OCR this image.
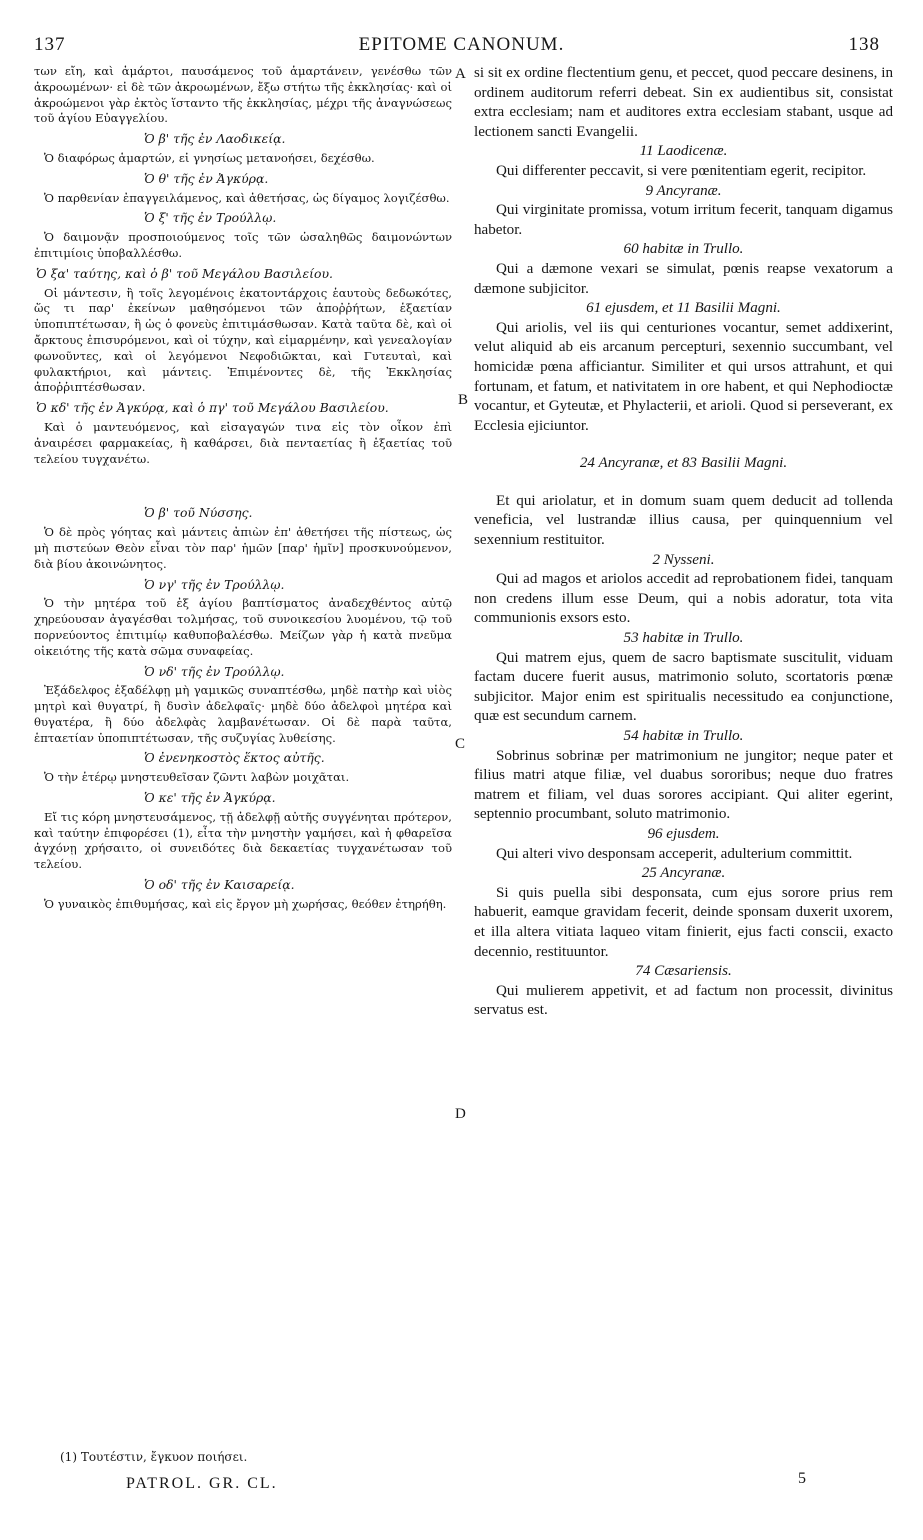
137	EPITOME CANONUM.	138
A
B
C
D

των εἴη, καὶ ἁμάρτοι, παυσάμενος τοῦ ἁμαρτάνειν, γενέσθω τῶν ἀκροωμένων· εἰ δὲ τῶν ἀκροωμένων, ἔξω στήτω τῆς ἐκκλησίας· καὶ οἱ ἀκροώμενοι γὰρ ἐκτὸς ἵσταντο τῆς ἐκκλησίας, μέχρι τῆς ἀναγνώσεως τοῦ ἁγίου Εὐαγγελίου.

Ὁ β' τῆς ἐν Λαοδικείᾳ.

Ὁ διαφόρως ἁμαρτών, εἰ γνησίως μετανοήσει, δεχέσθω.

Ὁ θ' τῆς ἐν Ἀγκύρᾳ.

Ὁ παρθενίαν ἐπαγγειλάμενος, καὶ ἀθετήσας, ὡς δίγαμος λογιζέσθω.

Ὁ ξ' τῆς ἐν Τρούλλῳ.

Ὁ δαιμονᾷν προσποιούμενος τοῖς τῶν ὡσαληθῶς δαιμονώντων ἐπιτιμίοις ὑποβαλλέσθω.

Ὁ ξα' ταύτης, καὶ ὁ β' τοῦ Μεγάλου Βασιλείου.

Οἱ μάντεσιν, ἢ τοῖς λεγομένοις ἑκατοντάρχοις ἑαυτοὺς δεδωκότες, ὥς τι παρ' ἐκείνων μαθησόμενοι τῶν ἀποῤῥήτων, ἑξαετίαν ὑποπιπτέτωσαν, ἢ ὡς ὁ φονεὺς ἐπιτιμάσθωσαν. Κατὰ ταῦτα δὲ, καὶ οἱ ἄρκτους ἐπισυρόμενοι, καὶ οἱ τύχην, καὶ εἱμαρμένην, καὶ γενεαλογίαν φωνοῦντες, καὶ οἱ λεγόμενοι Νεφοδιῶκται, καὶ Γυτευταὶ, καὶ φυλακτήριοι, καὶ μάντεις. Ἐπιμένοντες δὲ, τῆς Ἐκκλησίας ἀποῤῥιπτέσθωσαν.

Ὁ κδ' τῆς ἐν Ἀγκύρᾳ, καὶ ὁ πγ' τοῦ Μεγάλου Βασιλείου.

Καὶ ὁ μαντευόμενος, καὶ εἰσαγαγών τινα εἰς τὸν οἶκον ἐπὶ ἀναιρέσει φαρμακείας, ἢ καθάρσει, διὰ πενταετίας ἢ ἑξαετίας τοῦ τελείου τυγχανέτω.

Ὁ β' τοῦ Νύσσης.

Ὁ δὲ πρὸς γόητας καὶ μάντεις ἀπιὼν ἐπ' ἀθετήσει τῆς πίστεως, ὡς μὴ πιστεύων Θεὸν εἶναι τὸν παρ' ἡμῶν [παρ' ἡμῖν] προσκυνούμενον, διὰ βίου ἀκοινώνητος.

Ὁ νγ' τῆς ἐν Τρούλλῳ.

Ὁ τὴν μητέρα τοῦ ἐξ ἁγίου βαπτίσματος ἀναδεχθέντος αὐτῷ χηρεύουσαν ἀγαγέσθαι τολμήσας, τοῦ συνοικεσίου λυομένου, τῷ τοῦ πορνεύοντος ἐπιτιμίῳ καθυποβαλέσθω. Μείζων γὰρ ἡ κατὰ πνεῦμα οἰκειότης τῆς κατὰ σῶμα συναφείας.

Ὁ νδ' τῆς ἐν Τρούλλῳ.

Ἐξάδελφος ἐξαδέλφῃ μὴ γαμικῶς συναπτέσθω, μηδὲ πατὴρ καὶ υἱὸς μητρὶ καὶ θυγατρί, ἢ δυσὶν ἀδελφαῖς· μηδὲ δύο ἀδελφοὶ μητέρα καὶ θυγατέρα, ἢ δύο ἀδελφὰς λαμβανέτωσαν. Οἱ δὲ παρὰ ταῦτα, ἑπταετίαν ὑποπιπτέτωσαν, τῆς συζυγίας λυθείσης.

Ὁ ἐνενηκοστὸς ἕκτος αὐτῆς.

Ὁ τὴν ἑτέρῳ μνηστευθεῖσαν ζῶντι λαβὼν μοιχᾶται.

Ὁ κε' τῆς ἐν Ἀγκύρᾳ.

Εἴ τις κόρη μνηστευσάμενος, τῇ ἀδελφῇ αὐτῆς συγγένηται πρότερον, καὶ ταύτην ἐπιφορέσει (1), εἶτα τὴν μνηστὴν γαμήσει, καὶ ἡ φθαρεῖσα ἀγχόνῃ χρήσαιτο, οἱ συνειδότες διὰ δεκαετίας τυγχανέτωσαν τοῦ τελείου.

Ὁ οδ' τῆς ἐν Καισαρείᾳ.

Ὁ γυναικὸς ἐπιθυμήσας, καὶ εἰς ἔργον μὴ χωρήσας, θεόθεν ἐτηρήθη.

si sit ex ordine flectentium genu, et peccet, quod peccare desinens, in ordinem auditorum referri debeat. Sin ex audientibus sit, consistat extra ecclesiam; nam et auditores extra ecclesiam stabant, usque ad lectionem sancti Evangelii.

11 Laodicenæ.

Qui differenter peccavit, si vere pœnitentiam egerit, recipitor.

9 Ancyranæ.

Qui virginitate promissa, votum irritum fecerit, tanquam digamus habetor.

60 habitæ in Trullo.

Qui a dæmone vexari se simulat, pœnis reapse vexatorum a dæmone subjicitor.

61 ejusdem, et 11 Basilii Magni.

Qui ariolis, vel iis qui centuriones vocantur, semet addixerint, velut aliquid ab eis arcanum percepturi, sexennio succumbant, vel homicidæ pœna afficiantur. Similiter et qui ursos attrahunt, et qui fortunam, et fatum, et nativitatem in ore habent, et qui Nephodioctæ vocantur, et Gyteutæ, et Phylacterii, et arioli. Quod si perseverant, ex Ecclesia ejiciuntor.

24 Ancyranæ, et 83 Basilii Magni.

Et qui ariolatur, et in domum suam quem deducit ad tollenda veneficia, vel lustrandæ illius causa, per quinquennium vel sexennium restituitor.

2 Nysseni.

Qui ad magos et ariolos accedit ad reprobationem fidei, tanquam non credens illum esse Deum, qui a nobis adoratur, tota vita communionis exsors esto.

53 habitæ in Trullo.

Qui matrem ejus, quem de sacro baptismate suscitulit, viduam factam ducere fuerit ausus, matrimonio soluto, scortatoris pœnæ subjicitor. Major enim est spiritualis necessitudo ea conjunctione, quæ est secundum carnem.

54 habitæ in Trullo.

Sobrinus sobrinæ per matrimonium ne jungitor; neque pater et filius matri atque filiæ, vel duabus sororibus; neque duo fratres matrem et filiam, vel duas sorores accipiant. Qui aliter egerint, septennio procumbant, soluto matrimonio.

96 ejusdem.

Qui alteri vivo desponsam acceperit, adulterium committit.

25 Ancyranæ.

Si quis puella sibi desponsata, cum ejus sorore prius rem habuerit, eamque gravidam fecerit, deinde sponsam duxerit uxorem, et illa altera vitiata laqueo vitam finierit, ejus facti conscii, exacto decennio, restituuntor.

74 Cæsariensis.

Qui mulierem appetivit, et ad factum non processit, divinitus servatus est.

(1) Τουτέστιν, ἔγκυον ποιήσει.
PATROL. GR. CL.	5
